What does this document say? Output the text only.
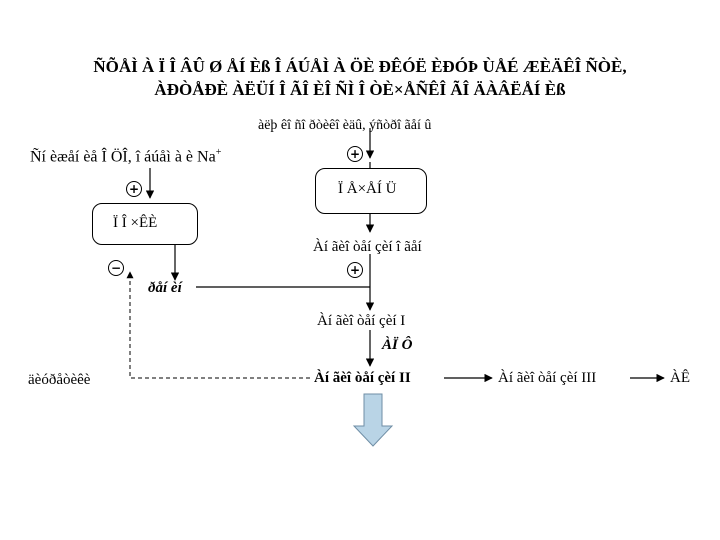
ÑÕÅÌ À Ï Î ÂÛ Ø ÅÍ Èß Î ÁÚÅÌ À ÖÈ ÐÊÓË ÈÐÓÞ ÙÅÉ ÆÈÄÊÎ ÑÒÈ,
ÀÐÒÅÐÈ ÀËÜÍ Î ÃÎ ÈÎ ÑÌ Î ÒÈ×ÅÑÊÎ ÃÎ ÄÀÂËÅÍ Èß
àëþ êî ñî ðòèêî èäû, ýñòðî ãåí û
Ñí èæåí èå Î ÖÎ, î áúåì à è Na+	+
+
+
−
Ï Å×ÅÍ Ü
Ï Î ×ÊÈ
ðåí èí
Àí ãèî òåí çèí î ãåí
Àí ãèî òåí çèí I
ÀÏ Ô
Àí ãèî òåí çèí II	Àí ãèî òåí çèí III	ÀÊ
äèóðåòèêè
